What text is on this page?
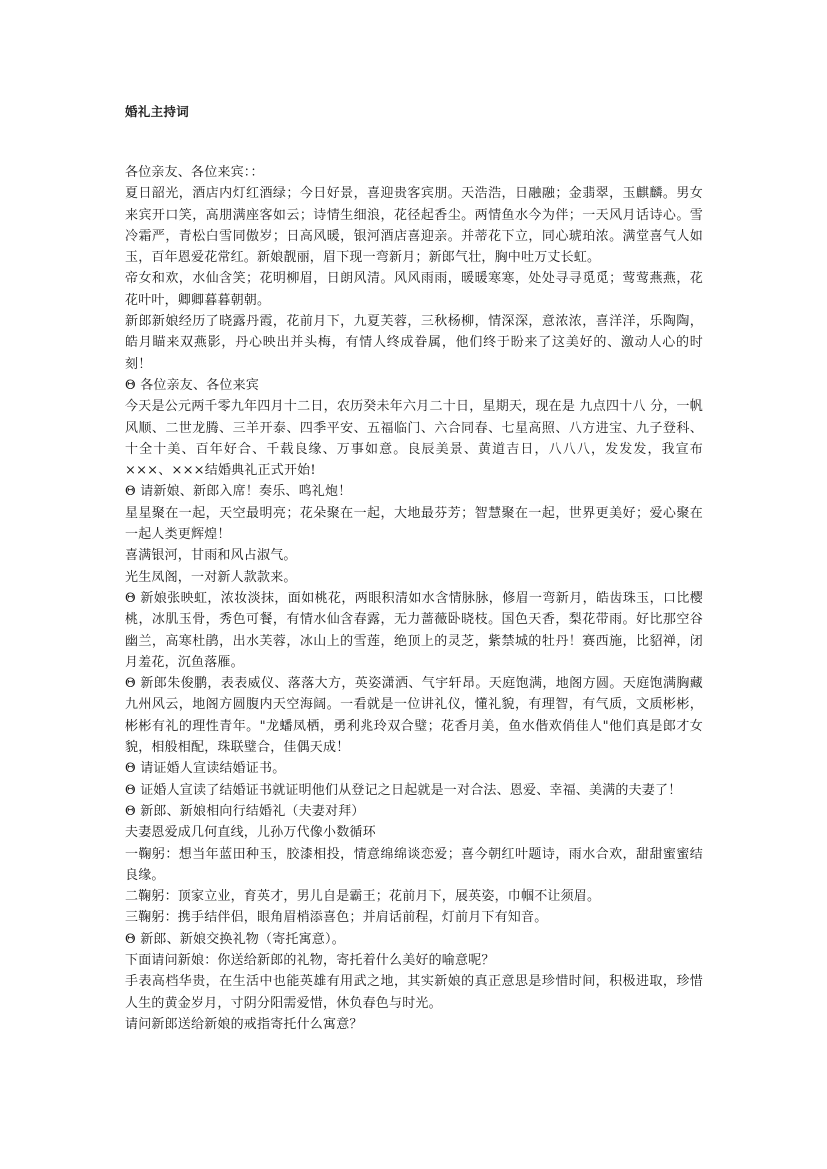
婚礼主持词

各位亲友、各位来宾：：

夏日韶光，酒店内灯红酒绿；今日好景，喜迎贵客宾朋。天浩浩，日融融；金翡翠，玉麒麟。男女来宾开口笑，高朋满座客如云；诗情生细浪，花径起香尘。两情鱼水今为伴；一天风月话诗心。雪冷霜严，青松白雪同傲岁；日高风暖，银河酒店喜迎亲。并蒂花下立，同心琥珀浓。满堂喜气人如玉，百年恩爱花常红。新娘靓丽，眉下现一弯新月；新郎气壮，胸中吐万丈长虹。

帝女和欢，水仙含笑；花明柳眉，日朗风清。风风雨雨，暖暖寒寒，处处寻寻觅觅；莺莺燕燕，花花叶叶，卿卿暮暮朝朝。

新郎新娘经历了晓露丹霞，花前月下，九夏芙蓉，三秋杨柳，情深深，意浓浓，喜洋洋，乐陶陶，皓月瞄来双燕影，丹心映出并头梅，有情人终成眷属，他们终于盼来了这美好的、激动人心的时刻！

Θ 各位亲友、各位来宾

今天是公元两千零九年四月十二日，农历癸未年六月二十日，星期天，现在是 九点四十八 分，一帆风顺、二世龙腾、三羊开泰、四季平安、五福临门、六合同春、七星高照、八方进宝、九子登科、十全十美、百年好合、千载良缘、万事如意。良辰美景、黄道吉日，八八八，发发发，我宣布×××、×××结婚典礼正式开始!

Θ 请新娘、新郎入席！奏乐、鸣礼炮！

星星聚在一起，天空最明亮；花朵聚在一起，大地最芬芳；智慧聚在一起，世界更美好；爱心聚在一起人类更辉煌！

喜满银河，甘雨和风占淑气。

光生凤阁，一对新人款款来。

Θ 新娘张映虹，浓妆淡抹，面如桃花，两眼积清如水含情脉脉，修眉一弯新月，皓齿珠玉，口比樱桃，冰肌玉骨，秀色可餐，有情水仙含春露，无力蔷薇卧晓枝。国色天香，梨花带雨。好比那空谷幽兰，高寒杜鹃，出水芙蓉，冰山上的雪莲，绝顶上的灵芝，紫禁城的牡丹！赛西施，比貂禅，闭月羞花，沉鱼落雁。

Θ 新郎朱俊鹏，表表威仪、落落大方，英姿潇洒、气宇轩昂。天庭饱满，地阁方圆。天庭饱满胸藏九州风云，地阁方圆腹内天空海阔。一看就是一位讲礼仪，懂礼貌，有理智，有气质，文质彬彬，彬彬有礼的理性青年。"龙蟠凤栖，勇利兆玲双合璧；花香月美，鱼水偕欢俏佳人"他们真是郎才女貌，相般相配，珠联璧合，佳偶天成！

Θ 请证婚人宣读结婚证书。

Θ 证婚人宣读了结婚证书就证明他们从登记之日起就是一对合法、恩爱、幸福、美满的夫妻了！

Θ 新郎、新娘相向行结婚礼（夫妻对拜）

夫妻恩爱成几何直线，儿孙万代像小数循环

一鞠躬：想当年蓝田种玉，胶漆相投，情意绵绵谈恋爱；喜今朝红叶题诗，雨水合欢，甜甜蜜蜜结良缘。

二鞠躬：顶家立业，育英才，男儿自是霸王；花前月下，展英姿，巾帼不让须眉。

三鞠躬：携手结伴侣，眼角眉梢添喜色；并肩话前程，灯前月下有知音。

Θ 新郎、新娘交换礼物（寄托寓意）。

下面请问新娘：你送给新郎的礼物，寄托着什么美好的喻意呢？

手表高档华贵，在生活中也能英雄有用武之地，其实新娘的真正意思是珍惜时间，积极进取，珍惜人生的黄金岁月，寸阴分阳需爱惜，休负春色与时光。

请问新郎送给新娘的戒指寄托什么寓意？
